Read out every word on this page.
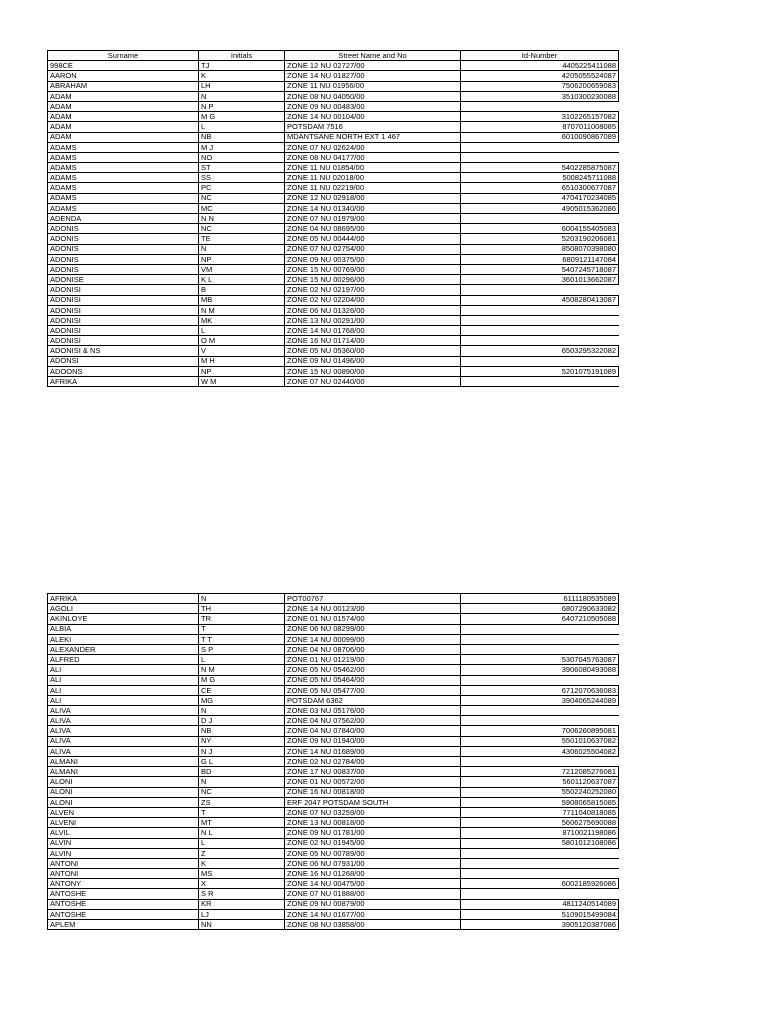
Surname	Initials	Street Name and No	Id-Number
998CE	TJ	ZONE 12 NU 02727/00	4405225411088
AARON	K	ZONE 14 NU 01827/00	4205055524087
ABRAHAM	LH	ZONE 11 NU 01956/00	7506200659083
ADAM	N	ZONE 08 NU 04050/00	3510300230088
ADAM	N P	ZONE 09 NU 00483/00	
ADAM	M G	ZONE 14 NU 00104/00	3102265157082
ADAM	L	POTSDAM 7516	8707011008085
ADAM	NB	MDANTSANE NORTH EXT 1 467	6010090867089
ADAMS	M J	ZONE 07 NU 02624/00	
ADAMS	NO	ZONE 08 NU 04177/00	
ADAMS	ST	ZONE 11 NU 01854/00	5402285875087
ADAMS	SS	ZONE 11 NU 02018/00	5008245711088
ADAMS	PC	ZONE 11 NU 02219/00	6510300677087
ADAMS	NC	ZONE 12 NU 02918/00	4704170234085
ADAMS	MC	ZONE 14 NU 01340/00	4905015362086
ADENDA	N N	ZONE 07 NU 01979/00	
ADONIS	NC	ZONE 04 NU 08695/00	6004155405083
ADONIS	TE	ZONE 05 NU 00444/00	5203190206081
ADONIS	N	ZONE 07 NU 02754/00	8508070398080
ADONIS	NP	ZONE 09 NU 00375/00	6809121147084
ADONIS	VM	ZONE 15 NU 00769/00	5407245718087
ADONISE	K L	ZONE 15 NU 00296/00	3601013662087
ADONISI	B	ZONE 02 NU 02197/00	
ADONISI	MB	ZONE 02 NU 02204/00	4508280413087
ADONISI	N M	ZONE 06 NU 01326/00	
ADONISI	MK	ZONE 13 NU 00291/00	
ADONISI	L	ZONE 14 NU 01768/00	
ADONISI	O M	ZONE 16 NU 01714/00	
ADONISI & NS	V	ZONE 05 NU 05360/00	6503295322082
ADONSI	M H	ZONE 09 NU 01496/00	
ADOONS	NP	ZONE 15 NU 00890/00	5201075191089
AFRIKA	W M	ZONE 07 NU 02440/00	
AFRIKA	N	POT00767	6111180535089
AGOLI	TH	ZONE 14 NU 00123/00	6807290633082
AKINLOYE	TR	ZONE 01 NU 01574/00	6407210505088
ALBIA	T	ZONE 06 NU 08299/00	
ALEKI	T T	ZONE 14 NU 00099/00	
ALEXANDER	S P	ZONE 04 NU 08706/00	
ALFRED	L	ZONE 01 NU 01219/00	5307045763087
ALI	N M	ZONE 05 NU 05462/00	3906080493088
ALI	M G	ZONE 05 NU 05464/00	
ALI	CE	ZONE 05 NU 05477/00	6712070636083
ALI	MG	POTSDAM 6362	3904065244089
ALIVA	N	ZONE 03 NU 05176/00	
ALIVA	D J	ZONE 04 NU 07562/00	
ALIVA	NB	ZONE 04 NU 07840/00	7006260895081
ALIVA	NY	ZONE 09 NU 01940/00	5501010637082
ALIVA	N J	ZONE 14 NU 01689/00	4306025504082
ALMANI	G L	ZONE 02 NU 02784/00	
ALMANI	BD	ZONE 17 NU 00837/00	7212085276081
ALONI	N	ZONE 01 NU 00572/00	5601120637087
ALONI	NC	ZONE 16 NU 00818/00	5502240252080
ALONI	ZS	ERF 2047 POTSDAM SOUTH	5908065815085
ALVEN	T	ZONE 07 NU 03259/00	7711040818085
ALVENI	MT	ZONE 13 NU 00818/00	5606275690088
ALVIL	N L	ZONE 09 NU 01781/00	8710021198086
ALVIN	L	ZONE 02 NU 01945/00	5801012108086
ALVIN	Z	ZONE 05 NU 00789/00	
ANTONI	K	ZONE 06 NU 07931/00	
ANTONI	MS	ZONE 16 NU 01268/00	
ANTONY	X	ZONE 14 NU 00475/00	6002185926086
ANTOSHE	S R	ZONE 07 NU 01888/00	
ANTOSHE	KR	ZONE 09 NU 00879/00	4811240514089
ANTOSHE	LJ	ZONE 14 NU 01677/00	5109015499084
APLEM	NN	ZONE 08 NU 03858/00	3905120387086
